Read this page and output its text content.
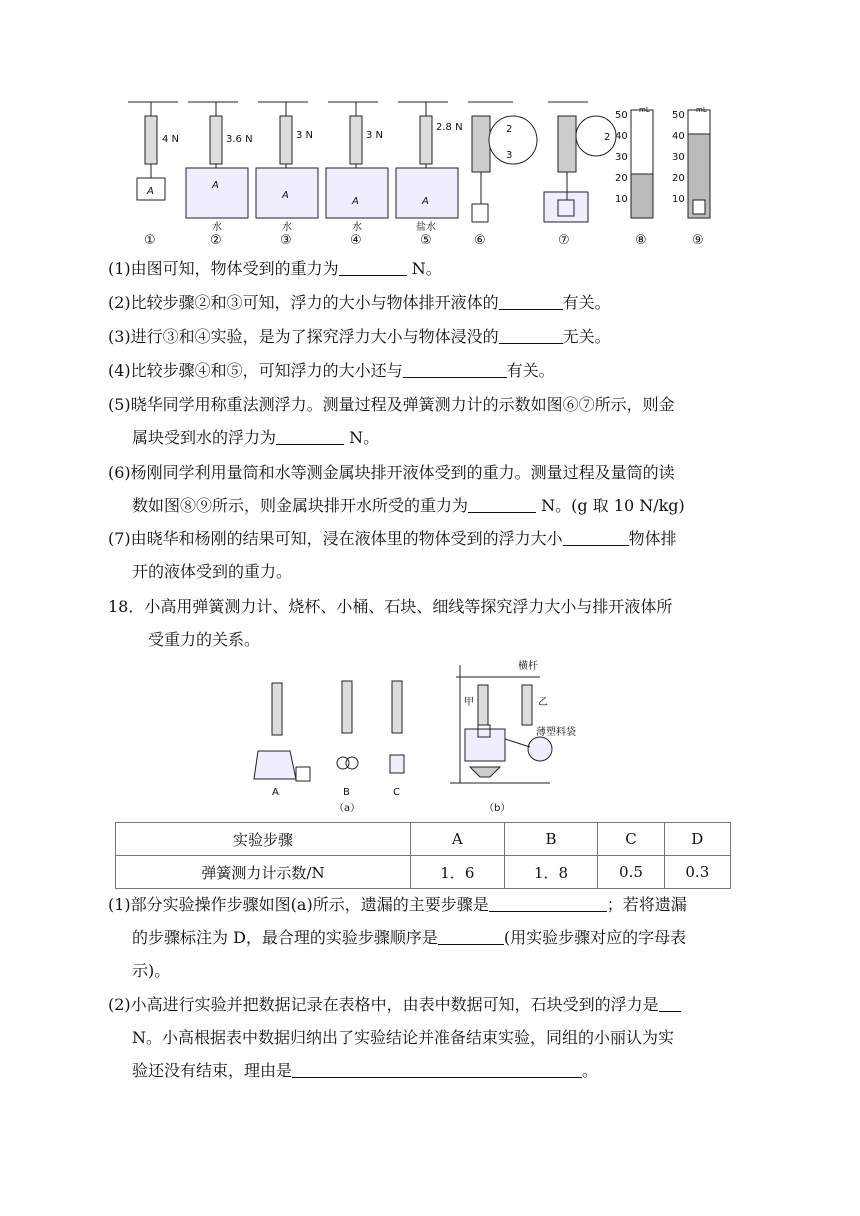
4 N	3.6 N	3 N	3 N
2.8 N
A
A
A
A	A
水	水	水	盐水
2
3
2
mL	mL
50
40
30
20
10
50
40
30
20
10
①	②	③	④	⑤	⑥	⑦	⑧	⑨
(1)由图可知，物体受到的重力为	N。
(2)比较步骤②和③可知，浮力的大小与物体排开液体的	有关。
(3)进行③和④实验，是为了探究浮力大小与物体浸没的	无关。
(4)比较步骤④和⑤，可知浮力的大小还与	有关。
(5)晓华同学用称重法测浮力。测量过程及弹簧测力计的示数如图⑥⑦所示，则金
属块受到水的浮力为	N。
(6)杨刚同学利用量筒和水等测金属块排开液体受到的重力。测量过程及量筒的读
数如图⑧⑨所示，则金属块排开水所受的重力为	N。(g 取 10 N/kg)
(7)由晓华和杨刚的结果可知，浸在液体里的物体受到的浮力大小	物体排
开的液体受到的重力。
18．小高用弹簧测力计、烧杯、小桶、石块、细线等探究浮力大小与排开液体所
受重力的关系。
A	B	C
（a）	（b）
横杆
甲	乙
薄塑料袋
实验步骤	A	B	C	D
弹簧测力计示数/N	1．6	1．8	0.5	0.3
(1)部分实验操作步骤如图(a)所示，遗漏的主要步骤是	；若将遗漏
的步骤标注为 D，最合理的实验步骤顺序是	(用实验步骤对应的字母表
示)。
(2)小高进行实验并把数据记录在表格中，由表中数据可知，石块受到的浮力是
N。小高根据表中数据归纳出了实验结论并准备结束实验，同组的小丽认为实
验还没有结束，理由是	。
